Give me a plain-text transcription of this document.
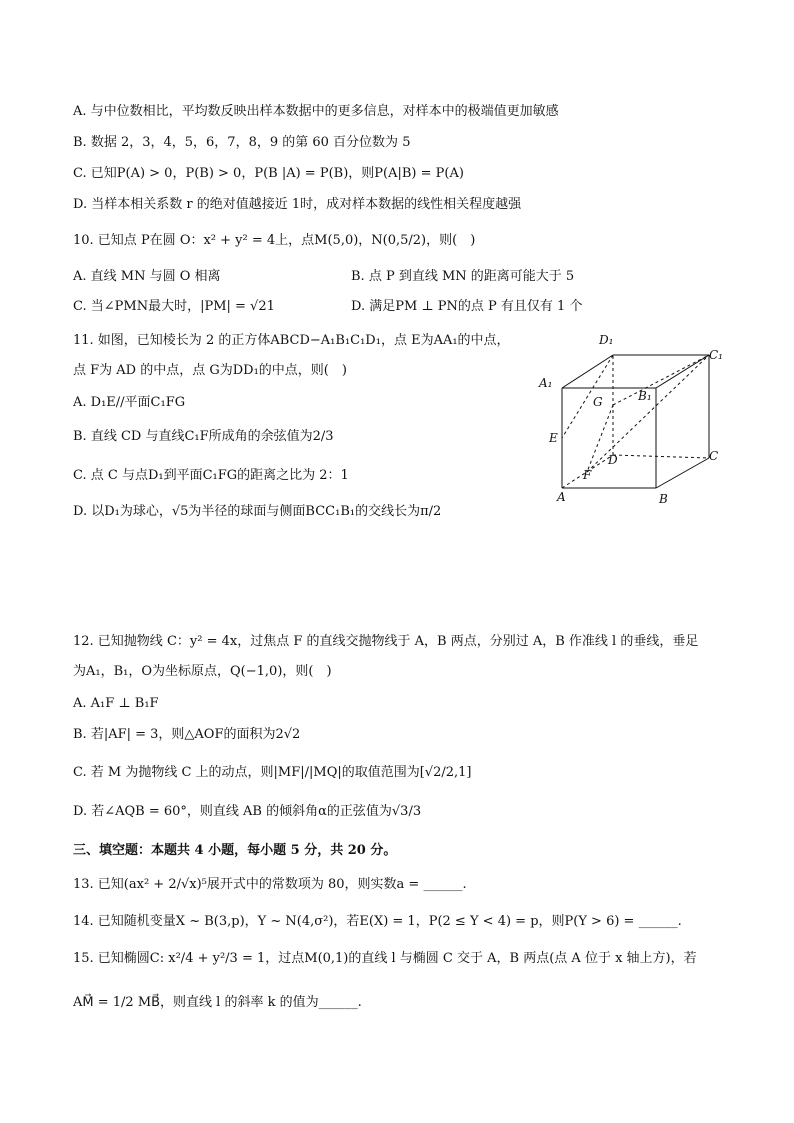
A. 与中位数相比，平均数反映出样本数据中的更多信息，对样本中的极端值更加敏感
B. 数据 2，3，4，5，6，7，8，9 的第 60 百分位数为 5
C. 已知P(A) > 0，P(B) > 0，P(B |A) = P(B)，则P(A|B) = P(A)
D. 当样本相关系数 r 的绝对值越接近 1时，成对样本数据的线性相关程度越强
10. 已知点 P在圆 O：x² + y² = 4上，点M(5,0)，N(0,5/2)，则(　)
A. 直线 MN 与圆 O 相离	B. 点 P 到直线 MN 的距离可能大于 5
C. 当∠PMN最大时，|PM| = √21	D. 满足PM ⊥ PN的点 P 有且仅有 1 个
11. 如图，已知棱长为 2 的正方体ABCD−A₁B₁C₁D₁，点 E为AA₁的中点，
点 F为 AD 的中点，点 G为DD₁的中点，则(　)
A. D₁E//平面C₁FG
B. 直线 CD 与直线C₁F所成角的余弦值为2/3
C. 点 C 与点D₁到平面C₁FG的距离之比为 2：1
D. 以D₁为球心，√5为半径的球面与侧面BCC₁B₁的交线长为π/2
D₁
C₁
A₁
B₁
G
E
D	C
F
A	B
12. 已知抛物线 C：y² = 4x，过焦点 F 的直线交抛物线于 A，B 两点，分别过 A，B 作准线 l 的垂线，垂足
为A₁，B₁，O为坐标原点，Q(−1,0)，则(　)
A. A₁F ⊥ B₁F
B. 若|AF| = 3，则△AOF的面积为2√2
C. 若 M 为抛物线 C 上的动点，则|MF|/|MQ|的取值范围为[√2/2,1]
D. 若∠AQB = 60°，则直线 AB 的倾斜角α的正弦值为√3/3
三、填空题：本题共 4 小题，每小题 5 分，共 20 分。
13. 已知(ax² + 2/√x)⁵展开式中的常数项为 80，则实数a = ______.
14. 已知随机变量X ~ B(3,p)，Y ~ N(4,σ²)，若E(X) = 1，P(2 ≤ Y < 4) = p，则P(Y > 6) = ______.
15. 已知椭圆C: x²/4 + y²/3 = 1，过点M(0,1)的直线 l 与椭圆 C 交于 A，B 两点(点 A 位于 x 轴上方)，若
AM⃗ = 1/2 MB⃗，则直线 l 的斜率 k 的值为______.
